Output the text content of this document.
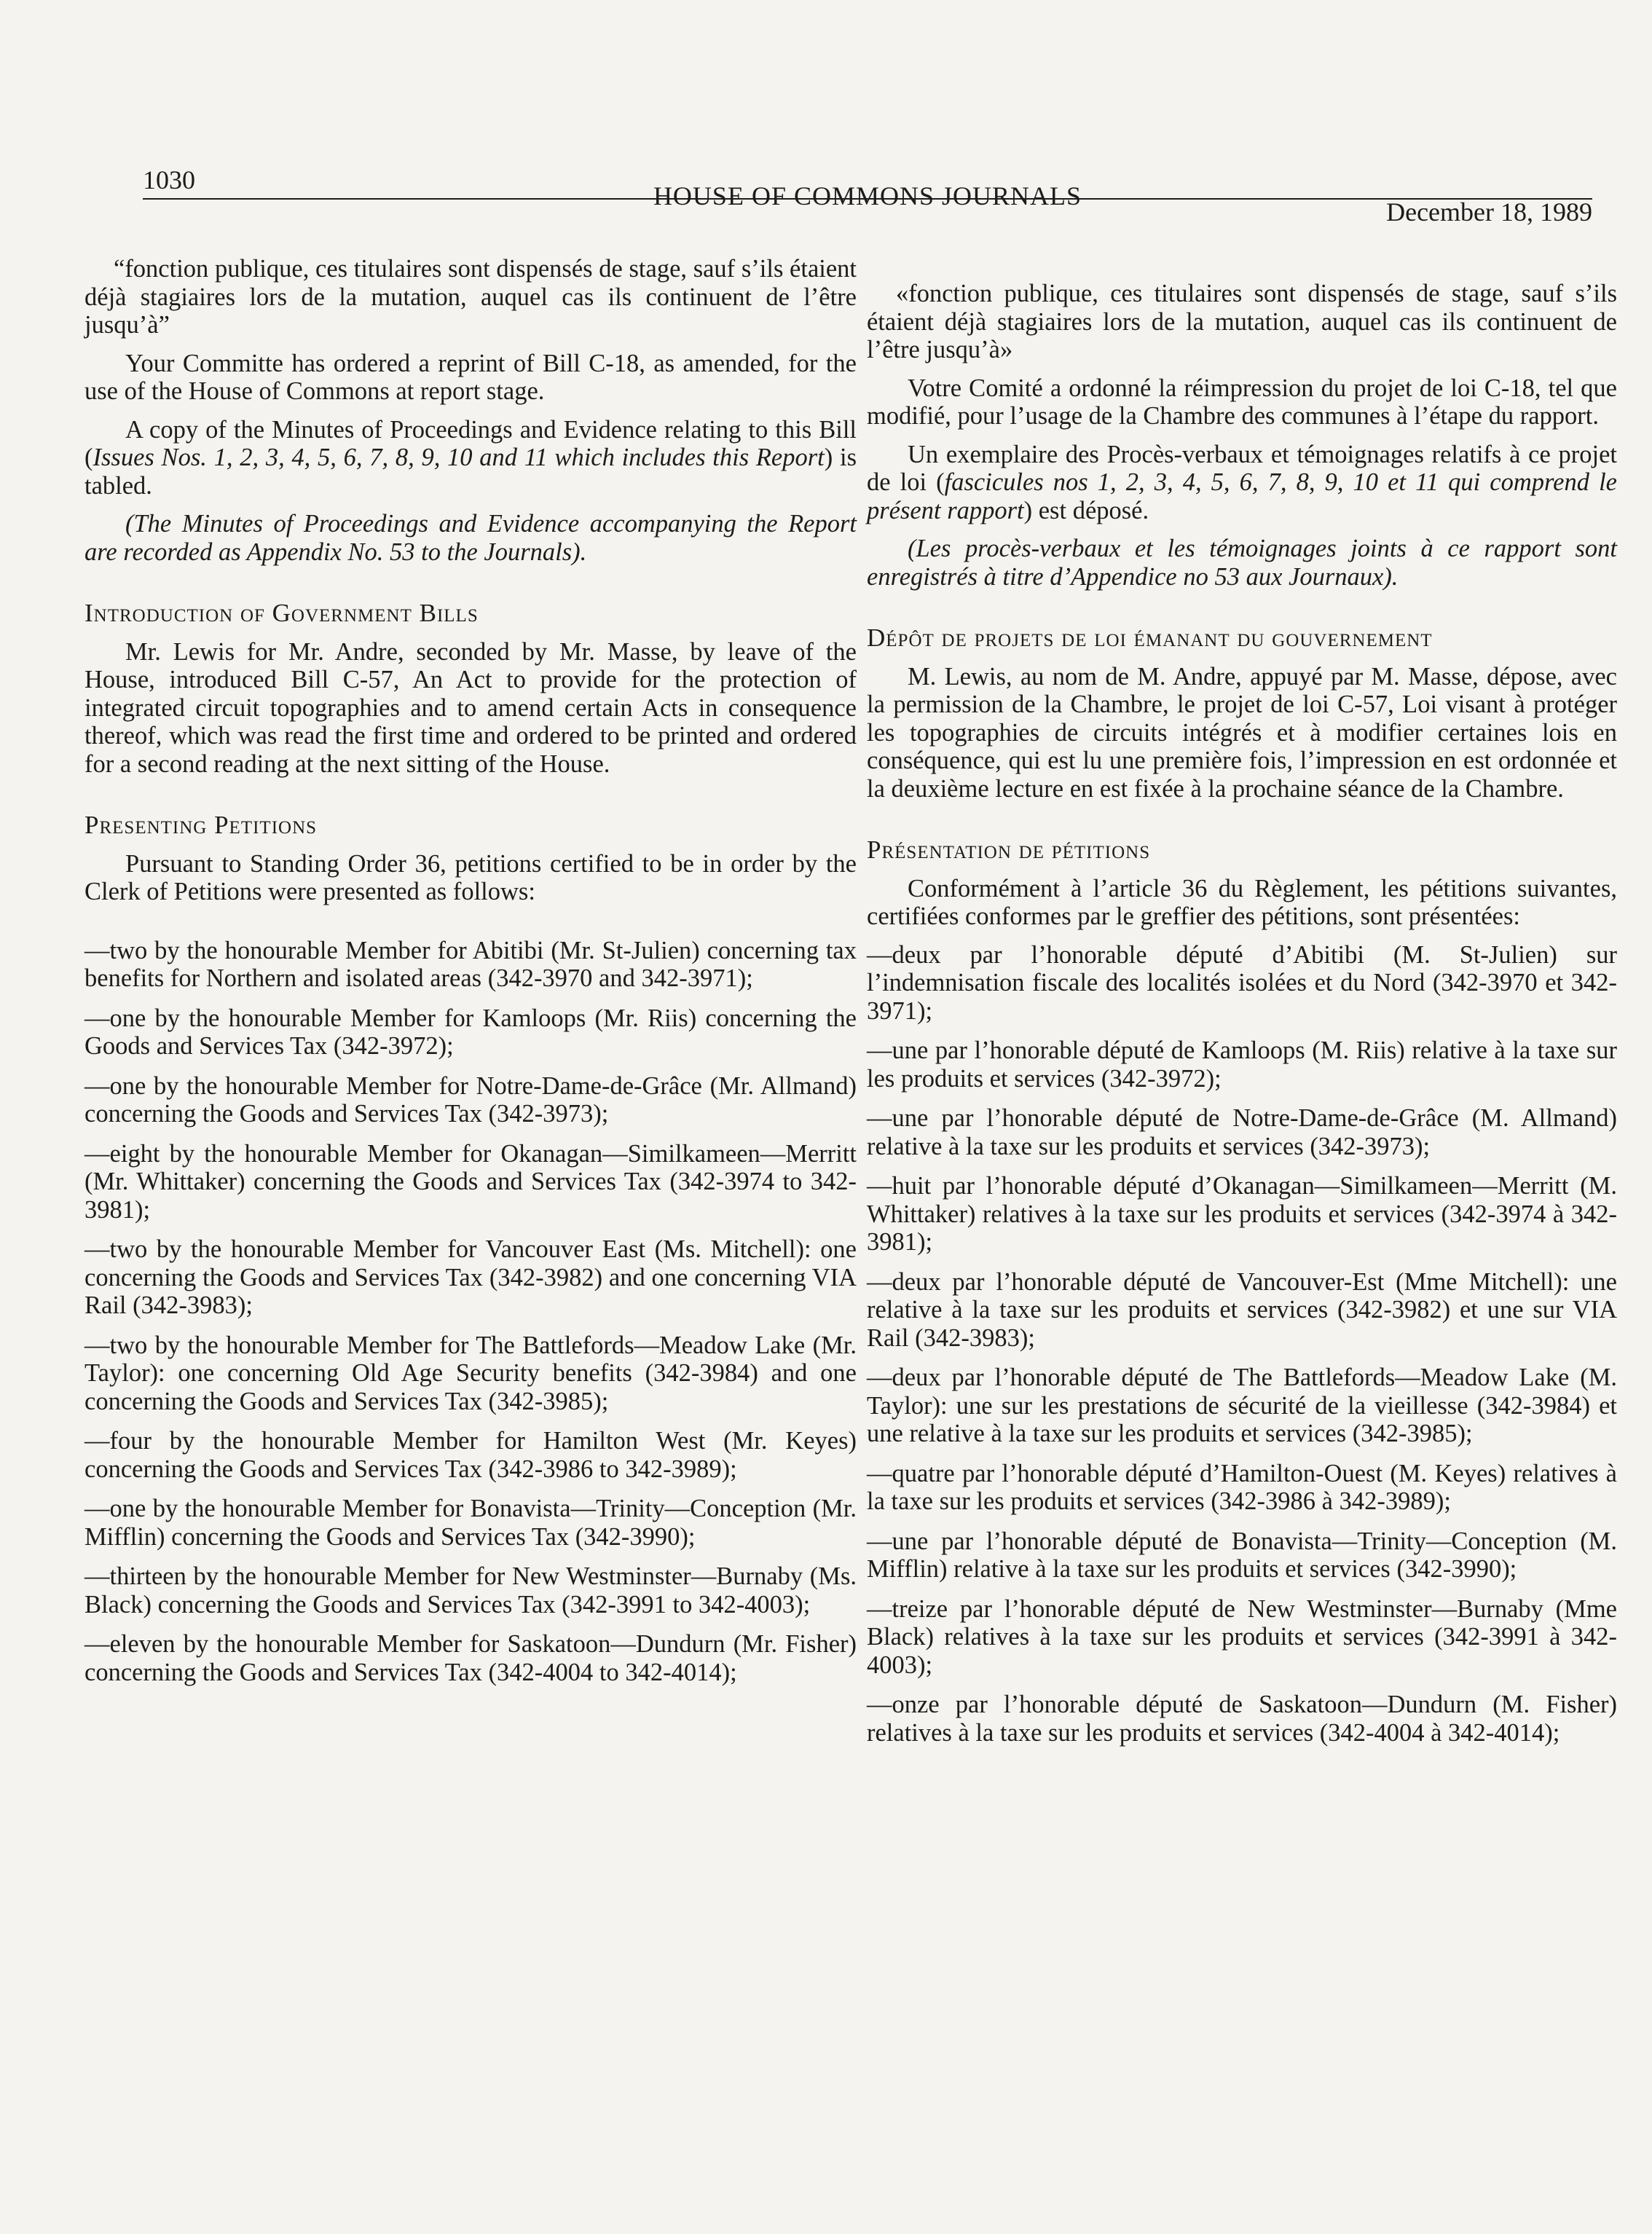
1030
HOUSE OF COMMONS JOURNALS
December 18, 1989

“fonction publique, ces titulaires sont dispensés de stage, sauf s’ils étaient déjà stagiaires lors de la mutation, auquel cas ils continuent de l’être jusqu’à”

Your Committe has ordered a reprint of Bill C-18, as amended, for the use of the House of Commons at report stage.

A copy of the Minutes of Proceedings and Evidence relating to this Bill (Issues Nos. 1, 2, 3, 4, 5, 6, 7, 8, 9, 10 and 11 which includes this Report) is tabled.

(The Minutes of Proceedings and Evidence accompanying the Report are recorded as Appendix No. 53 to the Journals).

Introduction of Government Bills

Mr. Lewis for Mr. Andre, seconded by Mr. Masse, by leave of the House, introduced Bill C-57, An Act to provide for the protection of integrated circuit topographies and to amend certain Acts in consequence thereof, which was read the first time and ordered to be printed and ordered for a second reading at the next sitting of the House.

Presenting Petitions

Pursuant to Standing Order 36, petitions certified to be in order by the Clerk of Petitions were presented as follows:

—two by the honourable Member for Abitibi (Mr. St-Julien) concerning tax benefits for Northern and isolated areas (342-3970 and 342-3971);

—one by the honourable Member for Kamloops (Mr. Riis) concerning the Goods and Services Tax (342-3972);

—one by the honourable Member for Notre-Dame-de-Grâce (Mr. Allmand) concerning the Goods and Services Tax (342-3973);

—eight by the honourable Member for Okanagan—Similkameen—Merritt (Mr. Whittaker) concerning the Goods and Services Tax (342-3974 to 342-3981);

—two by the honourable Member for Vancouver East (Ms. Mitchell): one concerning the Goods and Services Tax (342-3982) and one concerning VIA Rail (342-3983);

—two by the honourable Member for The Battlefords—Meadow Lake (Mr. Taylor): one concerning Old Age Security benefits (342-3984) and one concerning the Goods and Services Tax (342-3985);

—four by the honourable Member for Hamilton West (Mr. Keyes) concerning the Goods and Services Tax (342-3986 to 342-3989);

—one by the honourable Member for Bonavista—Trinity—Conception (Mr. Mifflin) concerning the Goods and Services Tax (342-3990);

—thirteen by the honourable Member for New Westminster—Burnaby (Ms. Black) concerning the Goods and Services Tax (342-3991 to 342-4003);

—eleven by the honourable Member for Saskatoon—Dundurn (Mr. Fisher) concerning the Goods and Services Tax (342-4004 to 342-4014);

«fonction publique, ces titulaires sont dispensés de stage, sauf s’ils étaient déjà stagiaires lors de la mutation, auquel cas ils continuent de l’être jusqu’à»

Votre Comité a ordonné la réimpression du projet de loi C-18, tel que modifié, pour l’usage de la Chambre des communes à l’étape du rapport.

Un exemplaire des Procès-verbaux et témoignages relatifs à ce projet de loi (fascicules nos 1, 2, 3, 4, 5, 6, 7, 8, 9, 10 et 11 qui comprend le présent rapport) est déposé.

(Les procès-verbaux et les témoignages joints à ce rapport sont enregistrés à titre d’Appendice no 53 aux Journaux).

Dépôt de projets de loi émanant du gouvernement

M. Lewis, au nom de M. Andre, appuyé par M. Masse, dépose, avec la permission de la Chambre, le projet de loi C-57, Loi visant à protéger les topographies de circuits intégrés et à modifier certaines lois en conséquence, qui est lu une première fois, l’impression en est ordonnée et la deuxième lecture en est fixée à la prochaine séance de la Chambre.

Présentation de pétitions

Conformément à l’article 36 du Règlement, les pétitions suivantes, certifiées conformes par le greffier des pétitions, sont présentées:

—deux par l’honorable député d’Abitibi (M. St-Julien) sur l’indemnisation fiscale des localités isolées et du Nord (342-3970 et 342-3971);

—une par l’honorable député de Kamloops (M. Riis) relative à la taxe sur les produits et services (342-3972);

—une par l’honorable député de Notre-Dame-de-Grâce (M. Allmand) relative à la taxe sur les produits et services (342-3973);

—huit par l’honorable député d’Okanagan—Similkameen—Merritt (M. Whittaker) relatives à la taxe sur les produits et services (342-3974 à 342-3981);

—deux par l’honorable député de Vancouver-Est (Mme Mitchell): une relative à la taxe sur les produits et services (342-3982) et une sur VIA Rail (342-3983);

—deux par l’honorable député de The Battlefords—Meadow Lake (M. Taylor): une sur les prestations de sécurité de la vieillesse (342-3984) et une relative à la taxe sur les produits et services (342-3985);

—quatre par l’honorable député d’Hamilton-Ouest (M. Keyes) relatives à la taxe sur les produits et services (342-3986 à 342-3989);

—une par l’honorable député de Bonavista—Trinity—Conception (M. Mifflin) relative à la taxe sur les produits et services (342-3990);

—treize par l’honorable député de New Westminster—Burnaby (Mme Black) relatives à la taxe sur les produits et services (342-3991 à 342-4003);

—onze par l’honorable député de Saskatoon—Dundurn (M. Fisher) relatives à la taxe sur les produits et services (342-4004 à 342-4014);
